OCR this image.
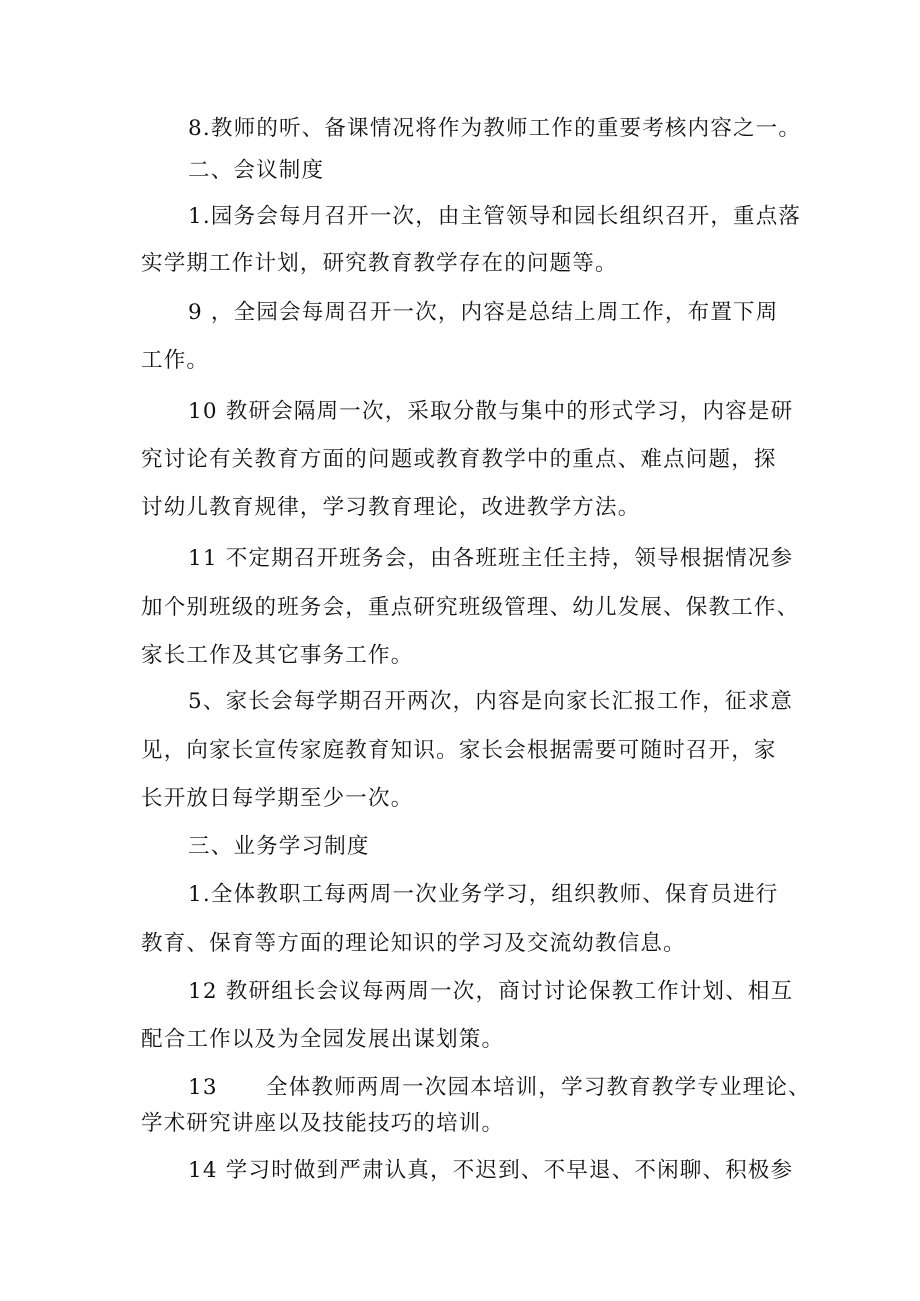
8.教师的听、备课情况将作为教师工作的重要考核内容之一。
二、会议制度
1.园务会每月召开一次，由主管领导和园长组织召开，重点落
实学期工作计划，研究教育教学存在的问题等。
9 ，全园会每周召开一次，内容是总结上周工作，布置下周
工作。
10 教研会隔周一次，采取分散与集中的形式学习，内容是研
究讨论有关教育方面的问题或教育教学中的重点、难点问题，探
讨幼儿教育规律，学习教育理论，改进教学方法。
11 不定期召开班务会，由各班班主任主持，领导根据情况参
加个别班级的班务会，重点研究班级管理、幼儿发展、保教工作、
家长工作及其它事务工作。
5、家长会每学期召开两次，内容是向家长汇报工作，征求意
见，向家长宣传家庭教育知识。家长会根据需要可随时召开，家
长开放日每学期至少一次。
三、业务学习制度
1.全体教职工每两周一次业务学习，组织教师、保育员进行
教育、保育等方面的理论知识的学习及交流幼教信息。
12 教研组长会议每两周一次，商讨讨论保教工作计划、相互
配合工作以及为全园发展出谋划策。
13      全体教师两周一次园本培训，学习教育教学专业理论、
学术研究讲座以及技能技巧的培训。
14 学习时做到严肃认真，不迟到、不早退、不闲聊、积极参
